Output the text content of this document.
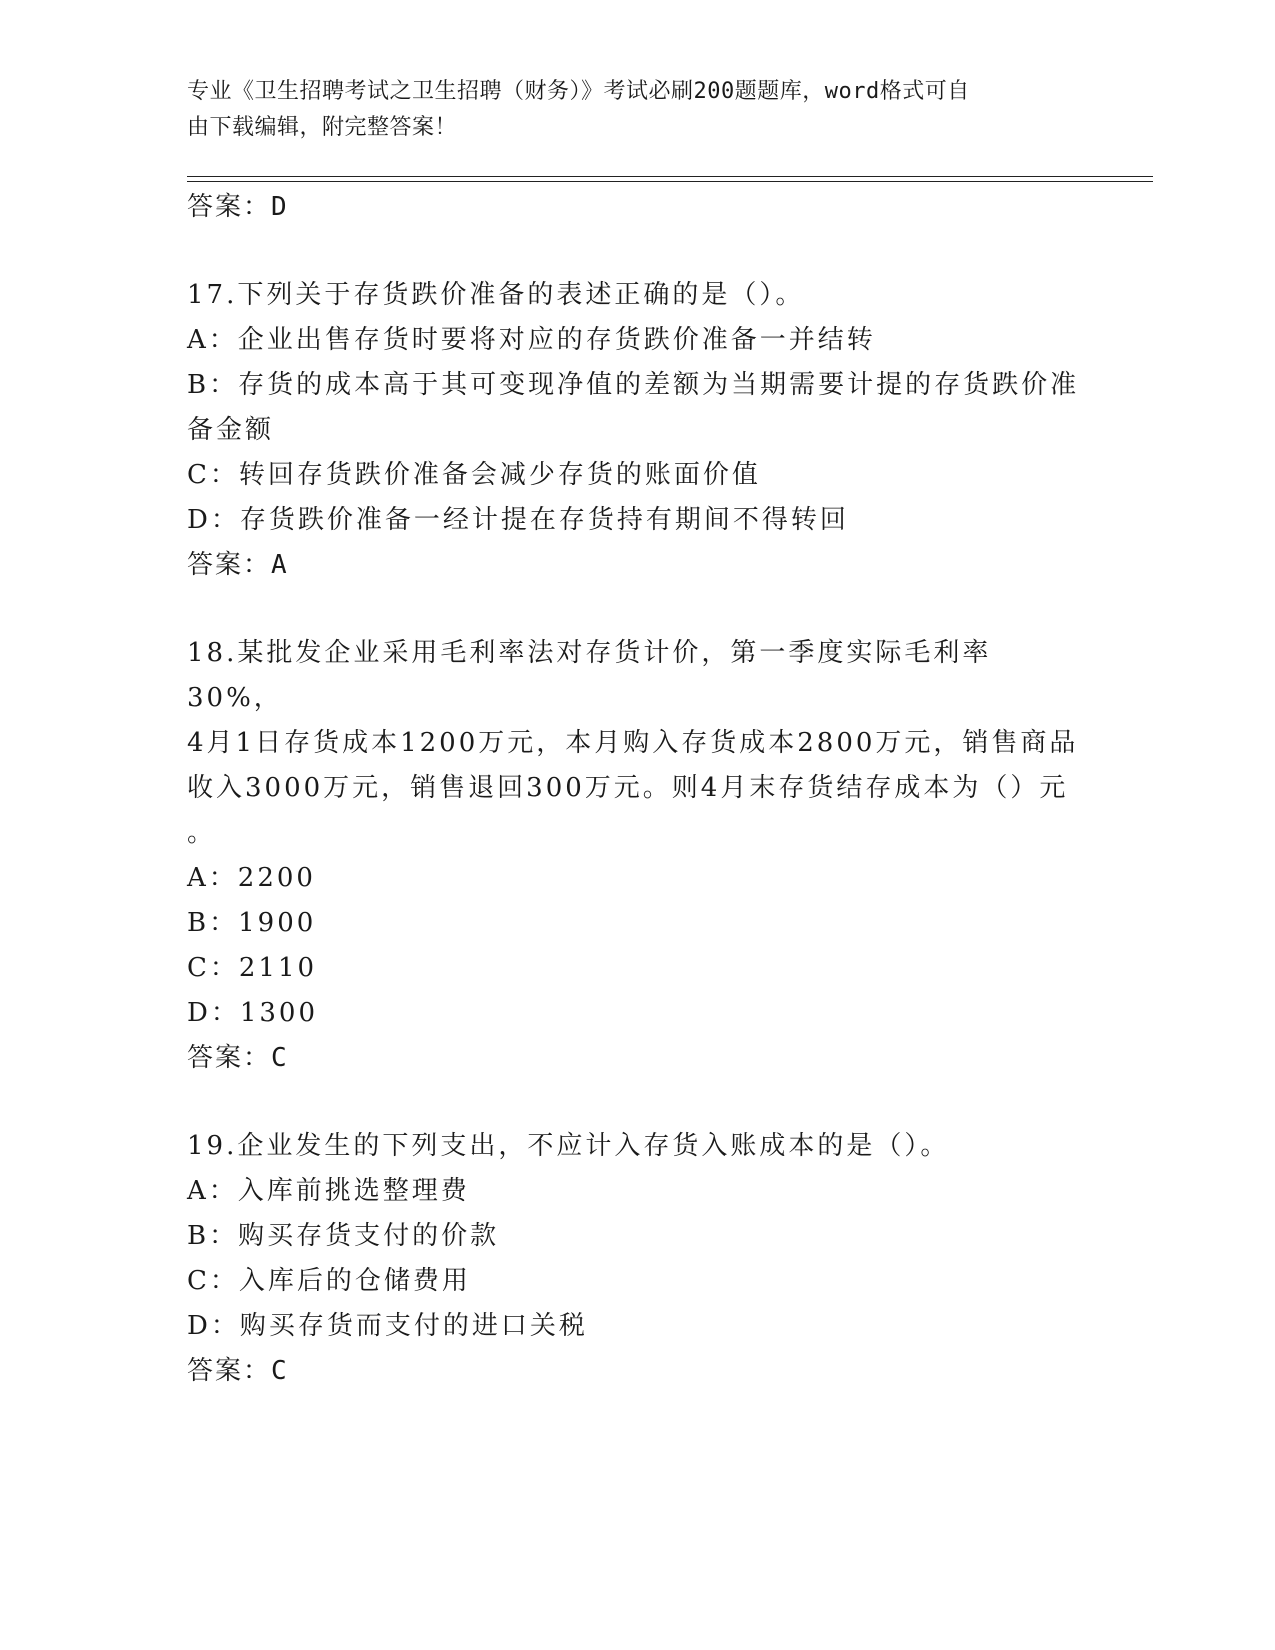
专业《卫生招聘考试之卫生招聘（财务）》考试必刷200题题库，word格式可自
由下载编辑，附完整答案！
答案：D
17.下列关于存货跌价准备的表述正确的是（）。
A：企业出售存货时要将对应的存货跌价准备一并结转
B：存货的成本高于其可变现净值的差额为当期需要计提的存货跌价准
备金额
C：转回存货跌价准备会减少存货的账面价值
D：存货跌价准备一经计提在存货持有期间不得转回
答案：A
18.某批发企业采用毛利率法对存货计价，第一季度实际毛利率30%，
4月1日存货成本1200万元，本月购入存货成本2800万元，销售商品
收入3000万元，销售退回300万元。则4月末存货结存成本为（）元
。
A：2200
B：1900
C：2110
D：1300
答案：C
19.企业发生的下列支出，不应计入存货入账成本的是（）。
A：入库前挑选整理费
B：购买存货支付的价款
C：入库后的仓储费用
D：购买存货而支付的进口关税
答案：C
